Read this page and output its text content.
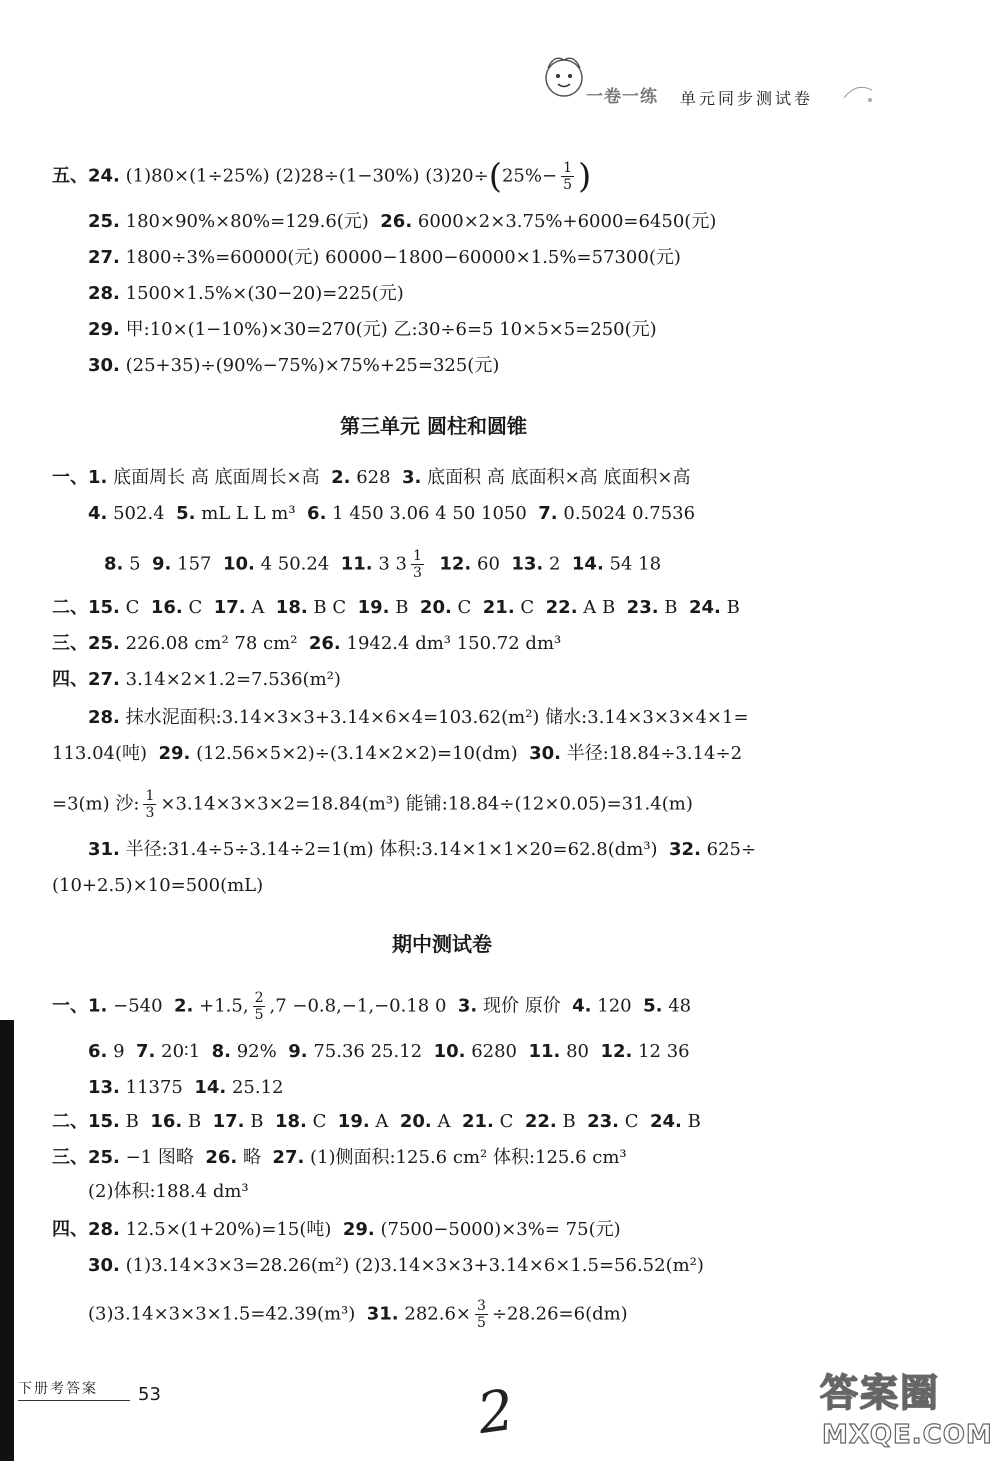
一卷一练 单元同步测试卷
五、24. (1)80×(1÷25%) (2)28÷(1−30%) $(3)20\div(25\%- \frac{1}{5}$ )
25. 180×90%×80%=129.6(元) 26. 6000×2×3.75%+6000=6450(元)
27. 1800÷3%=60000(元) 60000−1800−60000×1.5%=57300(元)
28. 1500×1.5%×(30−20)=225(元)
29. 甲:10×(1−10%)×30=270(元) 乙:30÷6=5 10×5×5=250(元)
30. (25+35)÷(90%−75%)×75%+25=325(元)
第三单元 圆柱和圆锥
一、1. 底面周长 高 底面周长×高 2. 628 3. 底面积 高 底面积×高 底面积×高
4. 502.4 5. mL L L m³ 6. 1 450 3.06 4 50 1050 7. 0.5024 0.7536
8. 5 9. 157 10. 4 50.24 11. 3 $3 \frac{1}{3} 12$. 60 13. 2 14. 54 18
二、15. C 16. C 17. A 18. B C 19. B 20. C 21. C 22. A B 23. B 24. B
三、25. 226.08 cm² 78 cm² 26. 1942.4 dm³ 150.72 dm³
四、27. 3.14×2×1.2=7.536(m²)
28. 抹水泥面积:3.14×3×3+3.14×6×4=103.62(m²) 储水:3.14×3×3×4×1=
113.04(吨) 29. (12.56×5×2)÷(3.14×2×2)=10(dm) 30. 半径:18.84÷3.14÷2
=3(m) 沙: $\frac{1}{3} \times 3.14\times 3\times 3\times 2=18.84(m^3)$ 能铺:18.84÷(12×0.05)=31.4(m)
31. 半径:31.4÷5÷3.14÷2=1(m) 体积:3.14×1×1×20=62.8(dm³) 32. 625÷
(10+2.5)×10=500(mL)
期中测试卷
一、1. −540 2. +1.5, $\frac{2}{5} ,7 -0.8,-1,-0.18$ 0 3. 现价 原价 4. 120 5. 48
6. 9 7. 20∶1 8. 92% 9. 75.36 25.12 10. 6280 11. 80 12. 12 36
13. 11375 14. 25.12
二、15. B 16. B 17. B 18. C 19. A 20. A 21. C 22. B 23. C 24. B
三、25. −1 图略 26. 略 27. (1)侧面积:125.6 cm² 体积:125.6 cm³
(2)体积:188.4 dm³
四、28. 12.5×(1+20%)=15(吨) 29. (7500−5000)×3%= 75(元)
30. (1)3.14×3×3=28.26(m²) (2)3.14×3×3+3.14×6×1.5=56.52(m²)
(3)3.14×3×3×1.5=42.39(m³) 31. $282.6\times \frac{3}{5} \div 28.26=6(dm)$
下册考答案 53	2	答案圈
MXQE.COM
